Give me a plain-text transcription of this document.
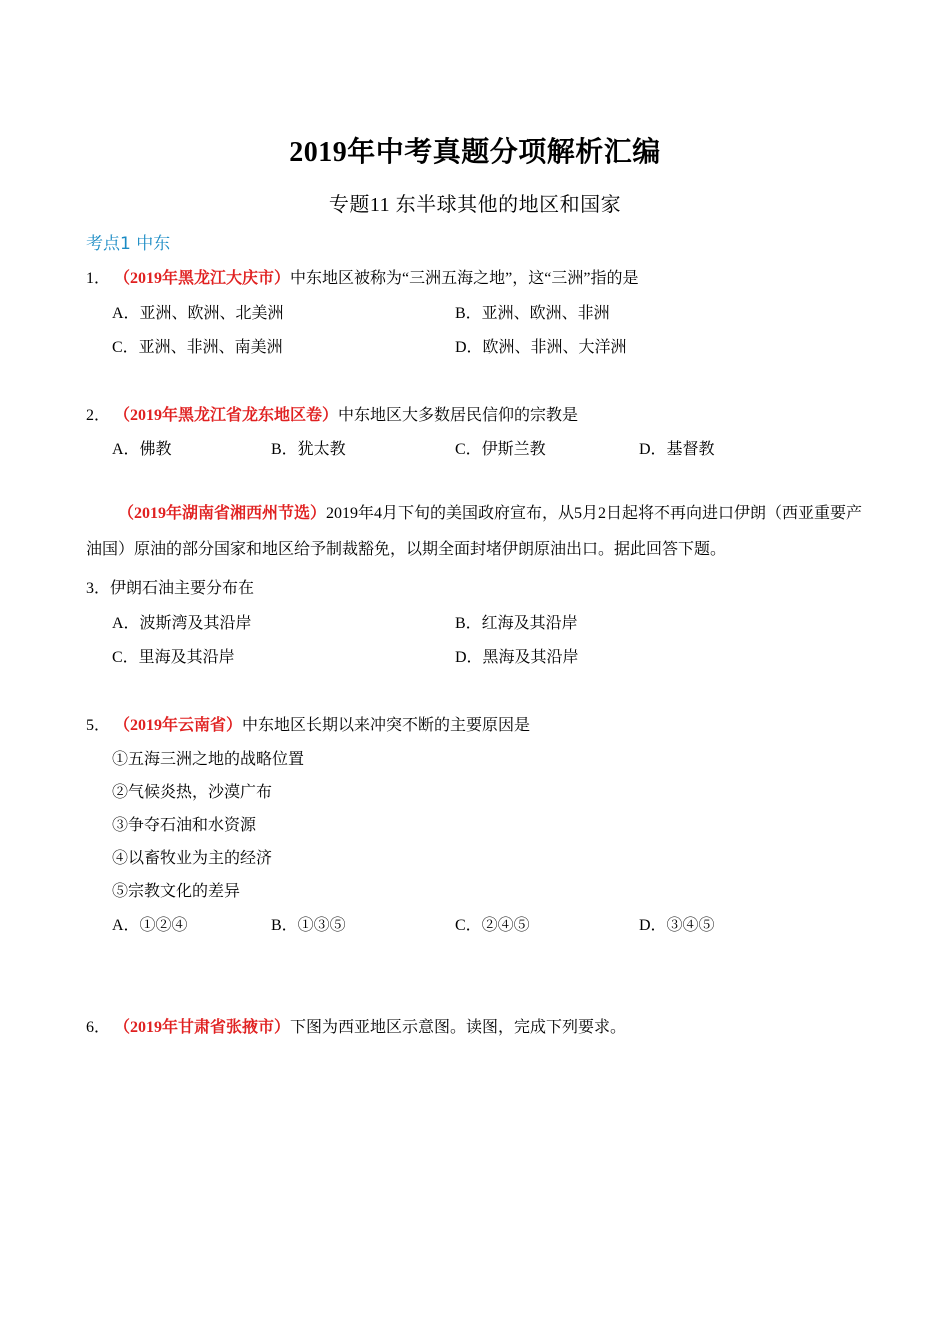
2019年中考真题分项解析汇编
专题11 东半球其他的地区和国家
考点1 中东
1． （2019年黑龙江大庆市）中东地区被称为“三洲五海之地”，这“三洲”指的是
A．亚洲、欧洲、北美洲	B．亚洲、欧洲、非洲
C．亚洲、非洲、南美洲	D．欧洲、非洲、大洋洲
2． （2019年黑龙江省龙东地区卷）中东地区大多数居民信仰的宗教是
A．佛教	B．犹太教	C．伊斯兰教	D．基督教
（2019年湖南省湘西州节选）2019年4月下旬的美国政府宣布，从5月2日起将不再向进口伊朗（西亚重要产油国）原油的部分国家和地区给予制裁豁免，以期全面封堵伊朗原油出口。据此回答下题。
3．伊朗石油主要分布在
A．波斯湾及其沿岸	B．红海及其沿岸
C．里海及其沿岸	D．黑海及其沿岸
5． （2019年云南省）中东地区长期以来冲突不断的主要原因是
①五海三洲之地的战略位置
②气候炎热，沙漠广布
③争夺石油和水资源
④以畜牧业为主的经济
⑤宗教文化的差异
A．①②④	B．①③⑤	C．②④⑤	D．③④⑤
6． （2019年甘肃省张掖市）下图为西亚地区示意图。读图，完成下列要求。
